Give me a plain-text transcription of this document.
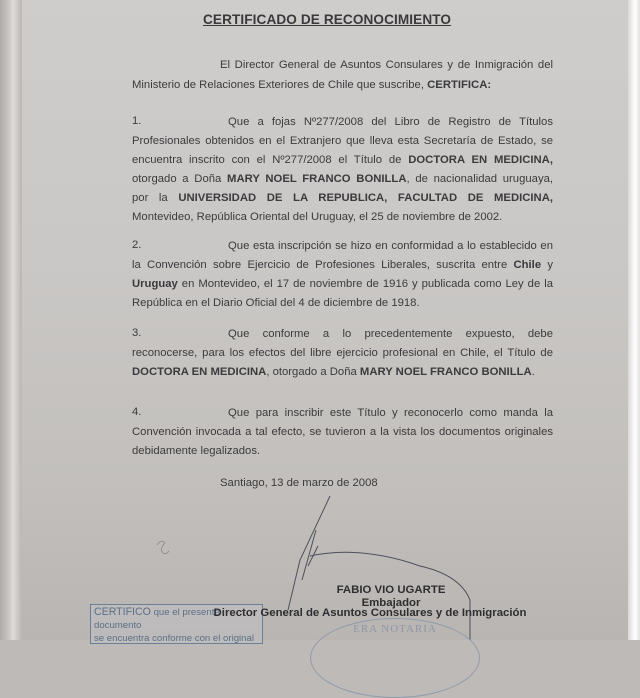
CERTIFICADO DE RECONOCIMIENTO
El Director General de Asuntos Consulares y de Inmigración del
Ministerio de Relaciones Exteriores de Chile que suscribe, CERTIFICA:
1.	Que a fojas Nº277/2008 del Libro de Registro de Títulos
Profesionales obtenidos en el Extranjero que lleva esta Secretaría de Estado, se
encuentra inscrito con el Nº277/2008 el Título de DOCTORA EN MEDICINA,
otorgado a Doña MARY NOEL FRANCO BONILLA, de nacionalidad uruguaya,
por la UNIVERSIDAD DE LA REPUBLICA, FACULTAD DE MEDICINA,
Montevideo, República Oriental del Uruguay, el 25 de noviembre de 2002.
2.	Que esta inscripción se hizo en conformidad a lo establecido en
la Convención sobre Ejercicio de Profesiones Liberales, suscrita entre Chile y
Uruguay en Montevideo, el 17 de noviembre de 1916 y publicada como Ley de la
República en el Diario Oficial del 4 de diciembre de 1918.
3.	Que conforme a lo precedentemente expuesto, debe
reconocerse, para los efectos del libre ejercicio profesional en Chile, el Título de
DOCTORA EN MEDICINA, otorgado a Doña MARY NOEL FRANCO BONILLA.
4.	Que para inscribir este Título y reconocerlo como manda la
Convención invocada a tal efecto, se tuvieron a la vista los documentos originales
debidamente legalizados.
Santiago, 13 de marzo de 2008
FABIO VIO UGARTE
Embajador
CERTIFICO que el presente documento
se encuentra conforme con el original
Director General de Asuntos Consulares y de Inmigración
ERA NOTARIA
